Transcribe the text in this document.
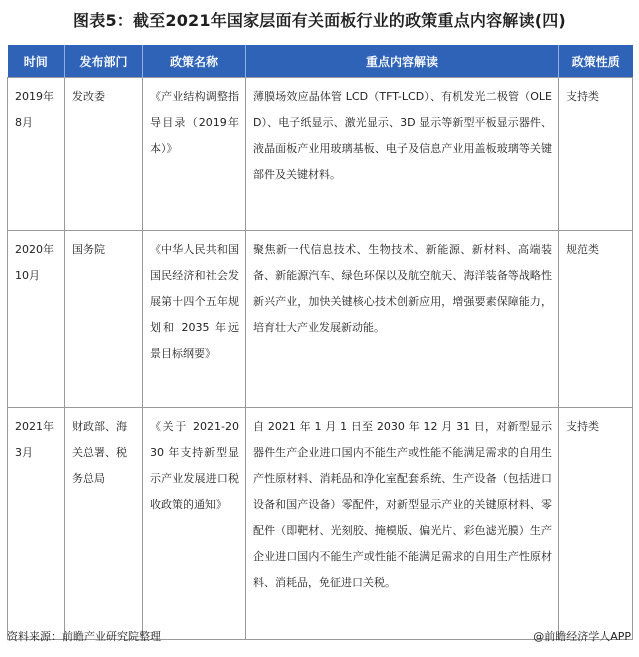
图表5：截至2021年国家层面有关面板行业的政策重点内容解读(四)
时间	发布部门	政策名称	重点内容解读	政策性质
2019年8月	发改委	《产业结构调整指导目录（2019年本）》	薄膜场效应晶体管 LCD（TFT-LCD）、有机发光二极管（OLED）、电子纸显示、激光显示、3D 显示等新型平板显示器件、液晶面板产业用玻璃基板、电子及信息产业用盖板玻璃等关键部件及关键材料。	支持类
2020年10月	国务院	《中华人民共和国国民经济和社会发展第十四个五年规划和 2035 年远景目标纲要》	聚焦新一代信息技术、生物技术、新能源、新材料、高端装备、新能源汽车、绿色环保以及航空航天、海洋装备等战略性新兴产业，加快关键核心技术创新应用，增强要素保障能力，培育壮大产业发展新动能。	规范类
2021年3月	财政部、海关总署、税务总局	《关于 2021-2030 年支持新型显示产业发展进口税收政策的通知》	自 2021 年 1 月 1 日至 2030 年 12 月 31 日，对新型显示器件生产企业进口国内不能生产或性能不能满足需求的自用生产性原材料、消耗品和净化室配套系统、生产设备（包括进口设备和国产设备）零配件，对新型显示产业的关键原材料、零配件（即靶材、光刻胶、掩模版、偏光片、彩色滤光膜）生产企业进口国内不能生产或性能不能满足需求的自用生产性原材料、消耗品，免征进口关税。	支持类
资料来源：前瞻产业研究院整理	@前瞻经济学人APP
